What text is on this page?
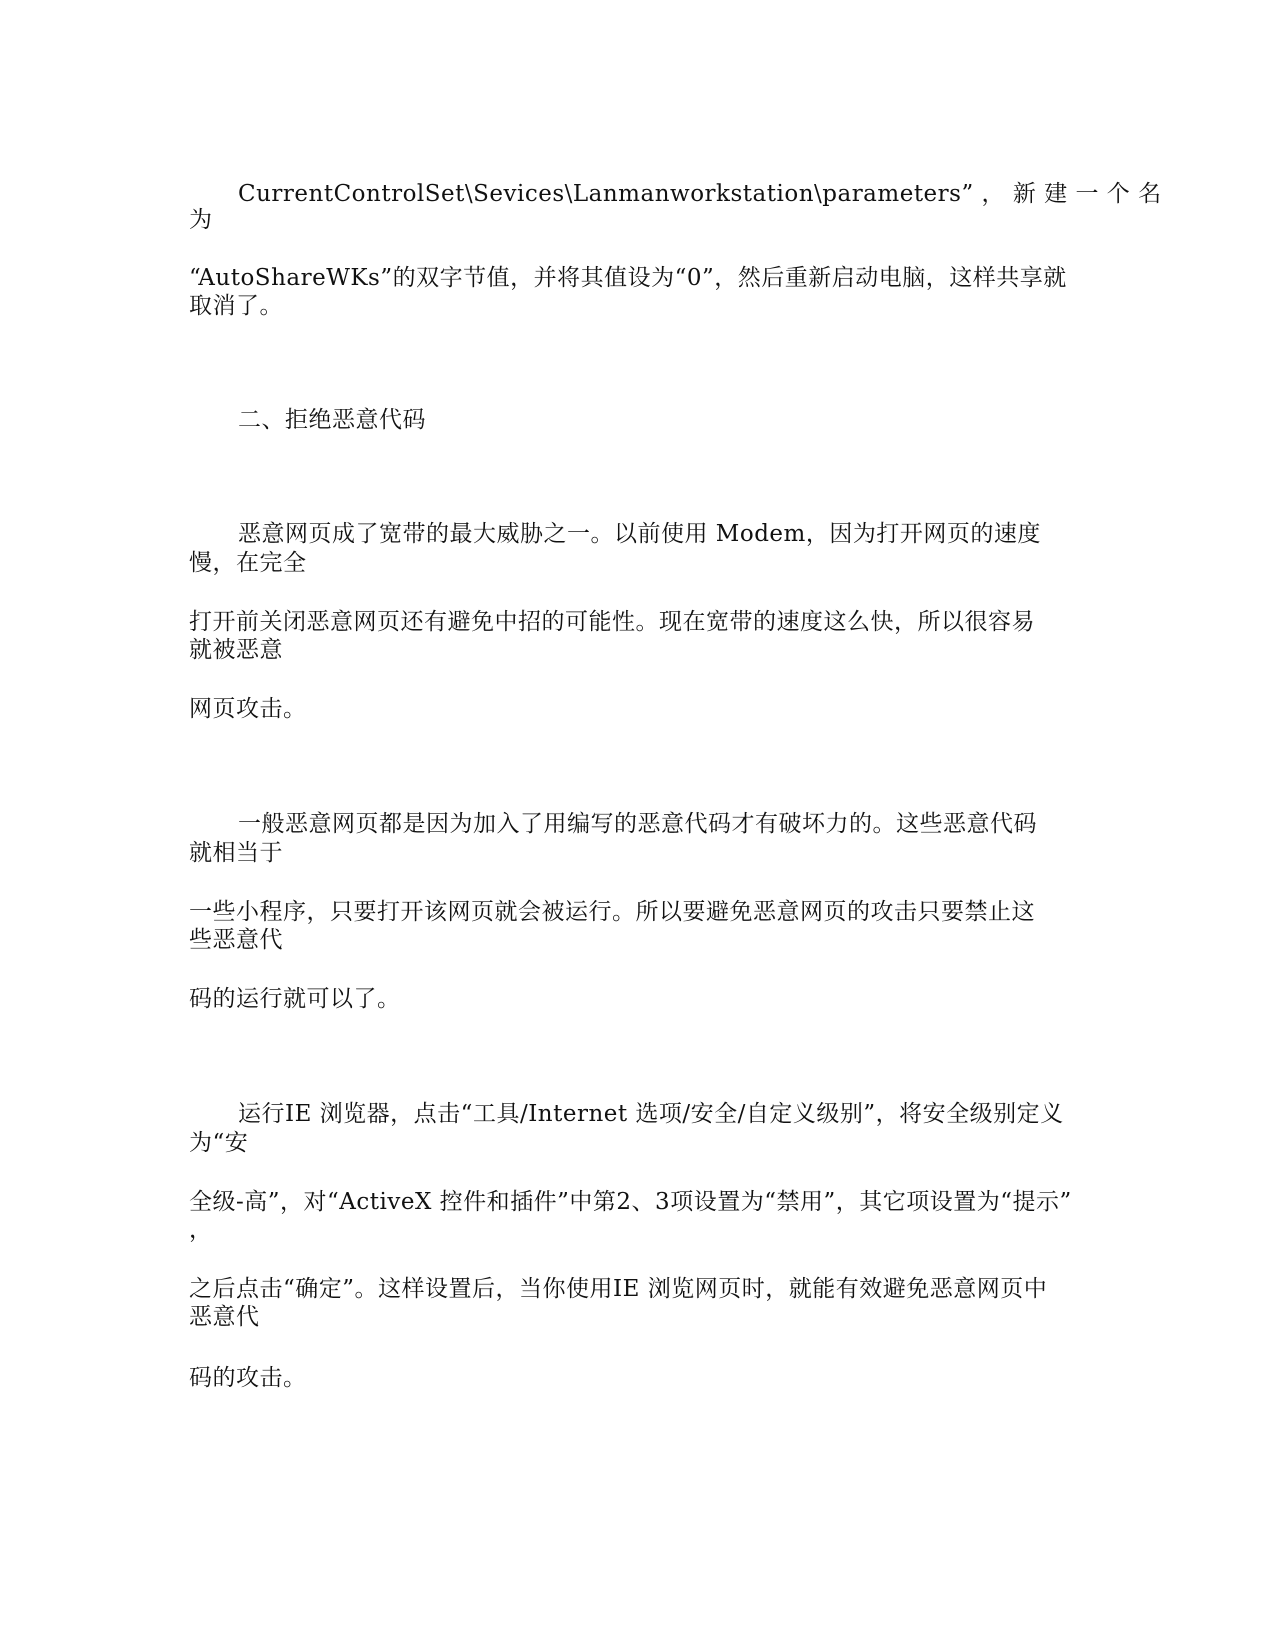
CurrentControlSet\Sevices\Lanmanworkstation\parameters” ， 新 建 一 个 名
为
“AutoShareWKs”的双字节值，并将其值设为“0”，然后重新启动电脑，这样共享就
取消了。
二、拒绝恶意代码
恶意网页成了宽带的最大威胁之一。以前使用 Modem，因为打开网页的速度
慢，在完全
打开前关闭恶意网页还有避免中招的可能性。现在宽带的速度这么快，所以很容易
就被恶意
网页攻击。
一般恶意网页都是因为加入了用编写的恶意代码才有破坏力的。这些恶意代码
就相当于
一些小程序，只要打开该网页就会被运行。所以要避免恶意网页的攻击只要禁止这
些恶意代
码的运行就可以了。
运行IE 浏览器，点击“工具/Internet 选项/安全/自定义级别”，将安全级别定义
为“安
全级-高”，对“ActiveX 控件和插件”中第2、3项设置为“禁用”，其它项设置为“提示”
，
之后点击“确定”。这样设置后，当你使用IE 浏览网页时，就能有效避免恶意网页中
恶意代
码的攻击。
